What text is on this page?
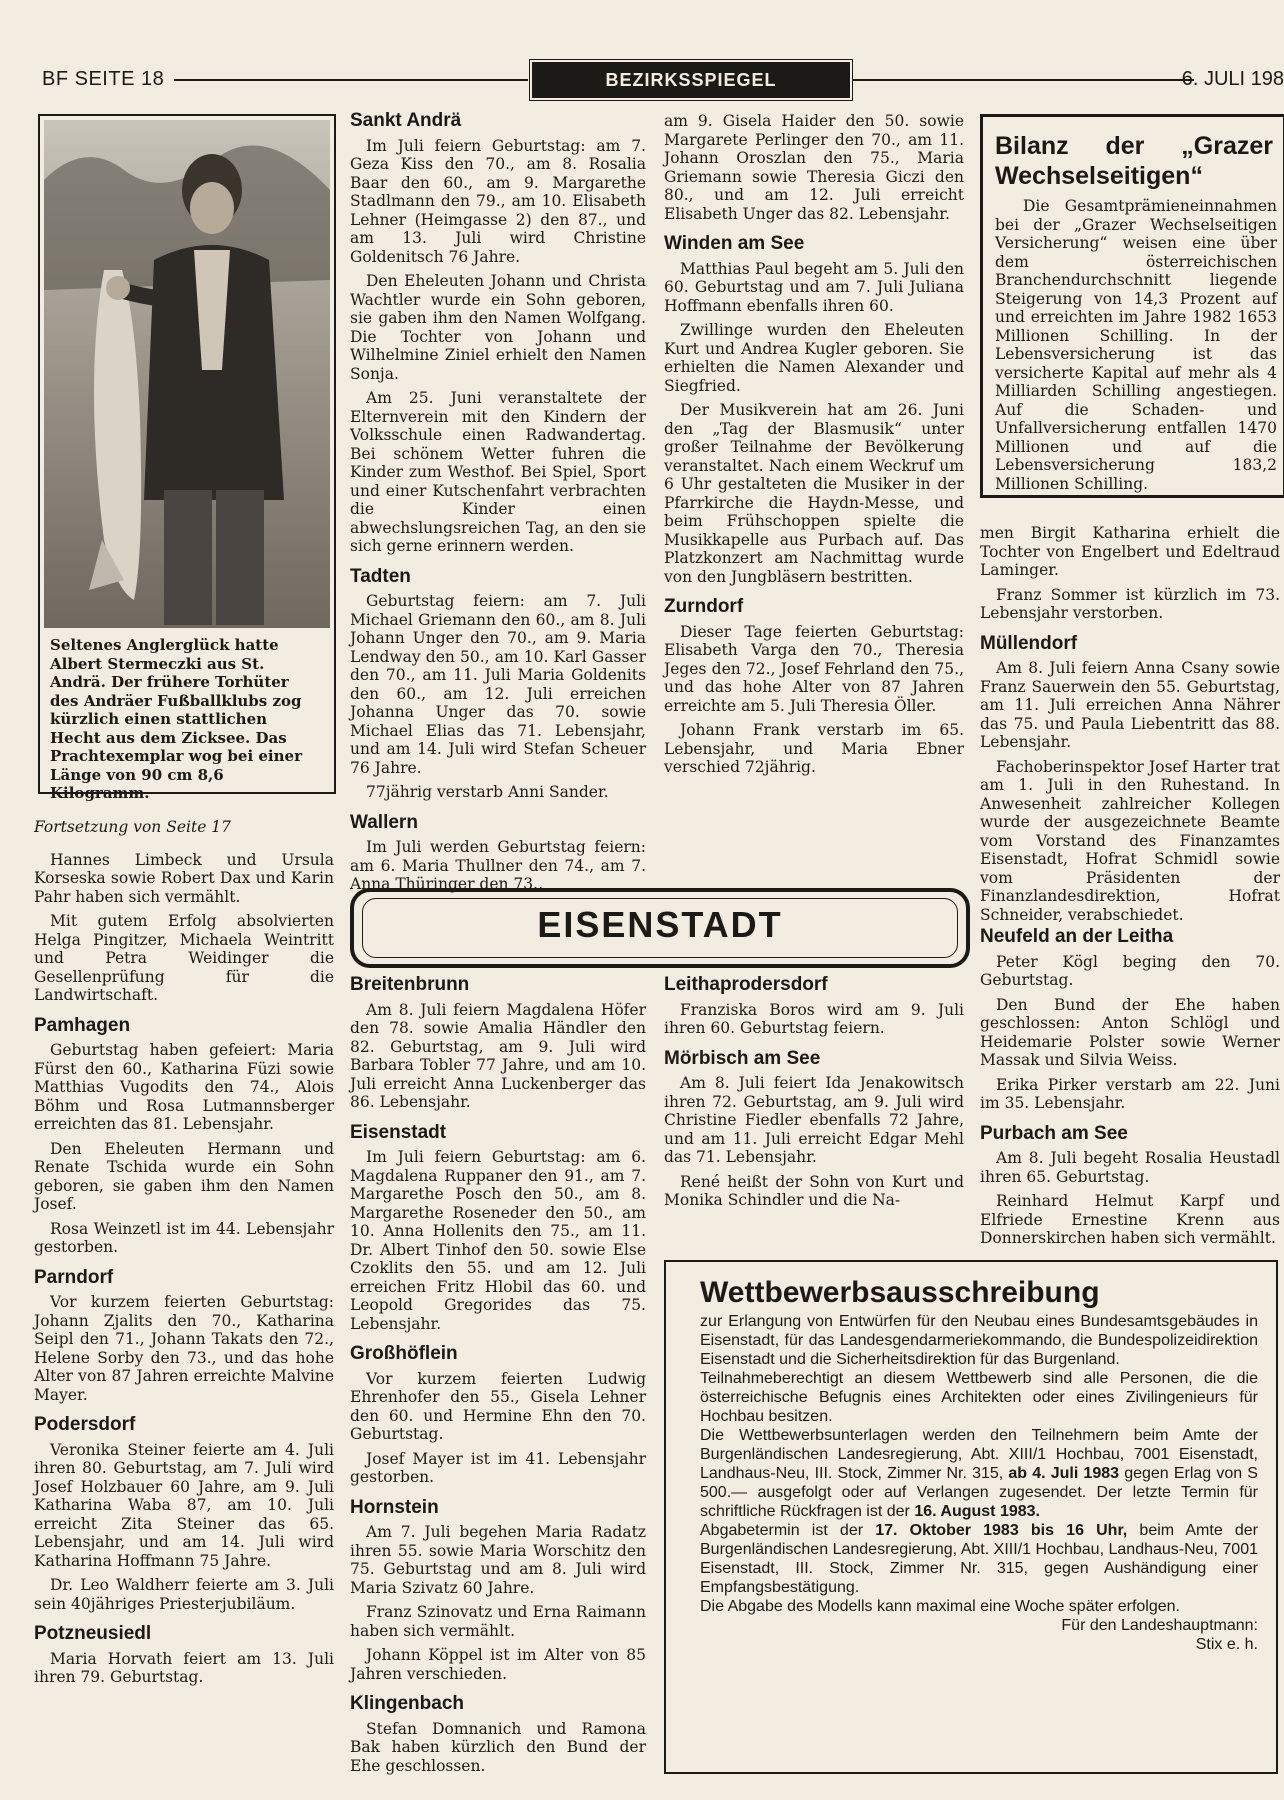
BF SEITE 18	BEZIRKSSPIEGEL	6. JULI 198
Seltenes Anglerglück hatte Albert Stermeczki aus St. Andrä. Der frühere Torhüter des Andräer Fußballklubs zog kürzlich einen stattlichen Hecht aus dem Zicksee. Das Prachtexemplar wog bei einer Länge von 90 cm 8,6 Kilogramm.

Fortsetzung von Seite 17

Hannes Limbeck und Ursula Korseska sowie Robert Dax und Karin Pahr haben sich vermählt.

Mit gutem Erfolg absolvierten Helga Pingitzer, Michaela Weintritt und Petra Weidinger die Gesellenprüfung für die Landwirtschaft.

Pamhagen

Geburtstag haben gefeiert: Maria Fürst den 60., Katharina Füzi sowie Matthias Vugodits den 74., Alois Böhm und Rosa Lutmannsberger erreichten das 81. Lebensjahr.

Den Eheleuten Hermann und Renate Tschida wurde ein Sohn geboren, sie gaben ihm den Namen Josef.

Rosa Weinzetl ist im 44. Lebensjahr gestorben.

Parndorf

Vor kurzem feierten Geburtstag: Johann Zjalits den 70., Katharina Seipl den 71., Johann Takats den 72., Helene Sorby den 73., und das hohe Alter von 87 Jahren erreichte Malvine Mayer.

Podersdorf

Veronika Steiner feierte am 4. Juli ihren 80. Geburtstag, am 7. Juli wird Josef Holzbauer 60 Jahre, am 9. Juli Katharina Waba 87, am 10. Juli erreicht Zita Steiner das 65. Lebensjahr, und am 14. Juli wird Katharina Hoffmann 75 Jahre.

Dr. Leo Waldherr feierte am 3. Juli sein 40jähriges Priesterjubiläum.

Potzneusiedl

Maria Horvath feiert am 13. Juli ihren 79. Geburtstag.

Sankt Andrä

Im Juli feiern Geburtstag: am 7. Geza Kiss den 70., am 8. Rosalia Baar den 60., am 9. Margarethe Stadlmann den 79., am 10. Elisabeth Lehner (Heimgasse 2) den 87., und am 13. Juli wird Christine Goldenitsch 76 Jahre.

Den Eheleuten Johann und Christa Wachtler wurde ein Sohn geboren, sie gaben ihm den Namen Wolfgang. Die Tochter von Johann und Wilhelmine Ziniel erhielt den Namen Sonja.

Am 25. Juni veranstaltete der Elternverein mit den Kindern der Volksschule einen Radwandertag. Bei schönem Wetter fuhren die Kinder zum Westhof. Bei Spiel, Sport und einer Kutschenfahrt verbrachten die Kinder einen abwechslungsreichen Tag, an den sie sich gerne erinnern werden.

Tadten

Geburtstag feiern: am 7. Juli Michael Griemann den 60., am 8. Juli Johann Unger den 70., am 9. Maria Lendway den 50., am 10. Karl Gasser den 70., am 11. Juli Maria Goldenits den 60., am 12. Juli erreichen Johanna Unger das 70. sowie Michael Elias das 71. Lebensjahr, und am 14. Juli wird Stefan Scheuer 76 Jahre.

77jährig verstarb Anni Sander.

Wallern

Im Juli werden Geburtstag feiern: am 6. Maria Thullner den 74., am 7. Anna Thüringer den 73.,

am 9. Gisela Haider den 50. sowie Margarete Perlinger den 70., am 11. Johann Oroszlan den 75., Maria Griemann sowie Theresia Giczi den 80., und am 12. Juli erreicht Elisabeth Unger das 82. Lebensjahr.

Winden am See

Matthias Paul begeht am 5. Juli den 60. Geburtstag und am 7. Juli Juliana Hoffmann ebenfalls ihren 60.

Zwillinge wurden den Eheleuten Kurt und Andrea Kugler geboren. Sie erhielten die Namen Alexander und Siegfried.

Der Musikverein hat am 26. Juni den „Tag der Blasmusik“ unter großer Teilnahme der Bevölkerung veranstaltet. Nach einem Weckruf um 6 Uhr gestalteten die Musiker in der Pfarrkirche die Haydn-Messe, und beim Frühschoppen spielte die Musikkapelle aus Purbach auf. Das Platzkonzert am Nachmittag wurde von den Jungbläsern bestritten.

Zurndorf

Dieser Tage feierten Geburtstag: Elisabeth Varga den 70., Theresia Jeges den 72., Josef Fehrland den 75., und das hohe Alter von 87 Jahren erreichte am 5. Juli Theresia Öller.

Johann Frank verstarb im 65. Lebensjahr, und Maria Ebner verschied 72jährig.

Bilanz der „Grazer Wechselseitigen“

Die Gesamtprämieneinnahmen bei der „Grazer Wechselseitigen Versicherung“ weisen eine über dem österreichischen Branchendurchschnitt liegende Steigerung von 14,3 Prozent auf und erreichten im Jahre 1982 1653 Millionen Schilling. In der Lebensversicherung ist das versicherte Kapital auf mehr als 4 Milliarden Schilling angestiegen. Auf die Schaden- und Unfallversicherung entfallen 1470 Millionen und auf die Lebensversicherung 183,2 Millionen Schilling.

men Birgit Katharina erhielt die Tochter von Engelbert und Edeltraud Laminger.

Franz Sommer ist kürzlich im 73. Lebensjahr verstorben.

Müllendorf

Am 8. Juli feiern Anna Csany sowie Franz Sauerwein den 55. Geburtstag, am 11. Juli erreichen Anna Nährer das 75. und Paula Liebentritt das 88. Lebensjahr.

Fachoberinspektor Josef Harter trat am 1. Juli in den Ruhestand. In Anwesenheit zahlreicher Kollegen wurde der ausgezeichnete Beamte vom Vorstand des Finanzamtes Eisenstadt, Hofrat Schmidl sowie vom Präsidenten der Finanzlandesdirektion, Hofrat Schneider, verabschiedet.

EISENSTADT
Breitenbrunn

Am 8. Juli feiern Magdalena Höfer den 78. sowie Amalia Händler den 82. Geburtstag, am 9. Juli wird Barbara Tobler 77 Jahre, und am 10. Juli erreicht Anna Luckenberger das 86. Lebensjahr.

Eisenstadt

Im Juli feiern Geburtstag: am 6. Magdalena Ruppaner den 91., am 7. Margarethe Posch den 50., am 8. Margarethe Roseneder den 50., am 10. Anna Hollenits den 75., am 11. Dr. Albert Tinhof den 50. sowie Else Czoklits den 55. und am 12. Juli erreichen Fritz Hlobil das 60. und Leopold Gregorides das 75. Lebensjahr.

Großhöflein

Vor kurzem feierten Ludwig Ehrenhofer den 55., Gisela Lehner den 60. und Hermine Ehn den 70. Geburtstag.

Josef Mayer ist im 41. Lebensjahr gestorben.

Hornstein

Am 7. Juli begehen Maria Radatz ihren 55. sowie Maria Worschitz den 75. Geburtstag und am 8. Juli wird Maria Szivatz 60 Jahre.

Franz Szinovatz und Erna Raimann haben sich vermählt.

Johann Köppel ist im Alter von 85 Jahren verschieden.

Klingenbach

Stefan Domnanich und Ramona Bak haben kürzlich den Bund der Ehe geschlossen.

Leithaprodersdorf

Franziska Boros wird am 9. Juli ihren 60. Geburtstag feiern.

Mörbisch am See

Am 8. Juli feiert Ida Jenakowitsch ihren 72. Geburtstag, am 9. Juli wird Christine Fiedler ebenfalls 72 Jahre, und am 11. Juli erreicht Edgar Mehl das 71. Lebensjahr.

René heißt der Sohn von Kurt und Monika Schindler und die Na-

Neufeld an der Leitha

Peter Kögl beging den 70. Geburtstag.

Den Bund der Ehe haben geschlossen: Anton Schlögl und Heidemarie Polster sowie Werner Massak und Silvia Weiss.

Erika Pirker verstarb am 22. Juni im 35. Lebensjahr.

Purbach am See

Am 8. Juli begeht Rosalia Heustadl ihren 65. Geburtstag.

Reinhard Helmut Karpf und Elfriede Ernestine Krenn aus Donnerskirchen haben sich vermählt.

Wettbewerbsausschreibung

zur Erlangung von Entwürfen für den Neubau eines Bundesamtsgebäudes in Eisenstadt, für das Landesgendarmeriekommando, die Bundespolizeidirektion Eisenstadt und die Sicherheitsdirektion für das Burgenland.

Teilnahmeberechtigt an diesem Wettbewerb sind alle Personen, die die österreichische Befugnis eines Architekten oder eines Zivilingenieurs für Hochbau besitzen.

Die Wettbewerbsunterlagen werden den Teilnehmern beim Amte der Burgenländischen Landesregierung, Abt. XIII/1 Hochbau, 7001 Eisenstadt, Landhaus-Neu, III. Stock, Zimmer Nr. 315, ab 4. Juli 1983 gegen Erlag von S 500.— ausgefolgt oder auf Verlangen zugesendet. Der letzte Termin für schriftliche Rückfragen ist der 16. August 1983.

Abgabetermin ist der 17. Oktober 1983 bis 16 Uhr, beim Amte der Burgenländischen Landesregierung, Abt. XIII/1 Hochbau, Landhaus-Neu, 7001 Eisenstadt, III. Stock, Zimmer Nr. 315, gegen Aushändigung einer Empfangsbestätigung.

Die Abgabe des Modells kann maximal eine Woche später erfolgen.

Für den Landeshauptmann:

Stix e. h.
